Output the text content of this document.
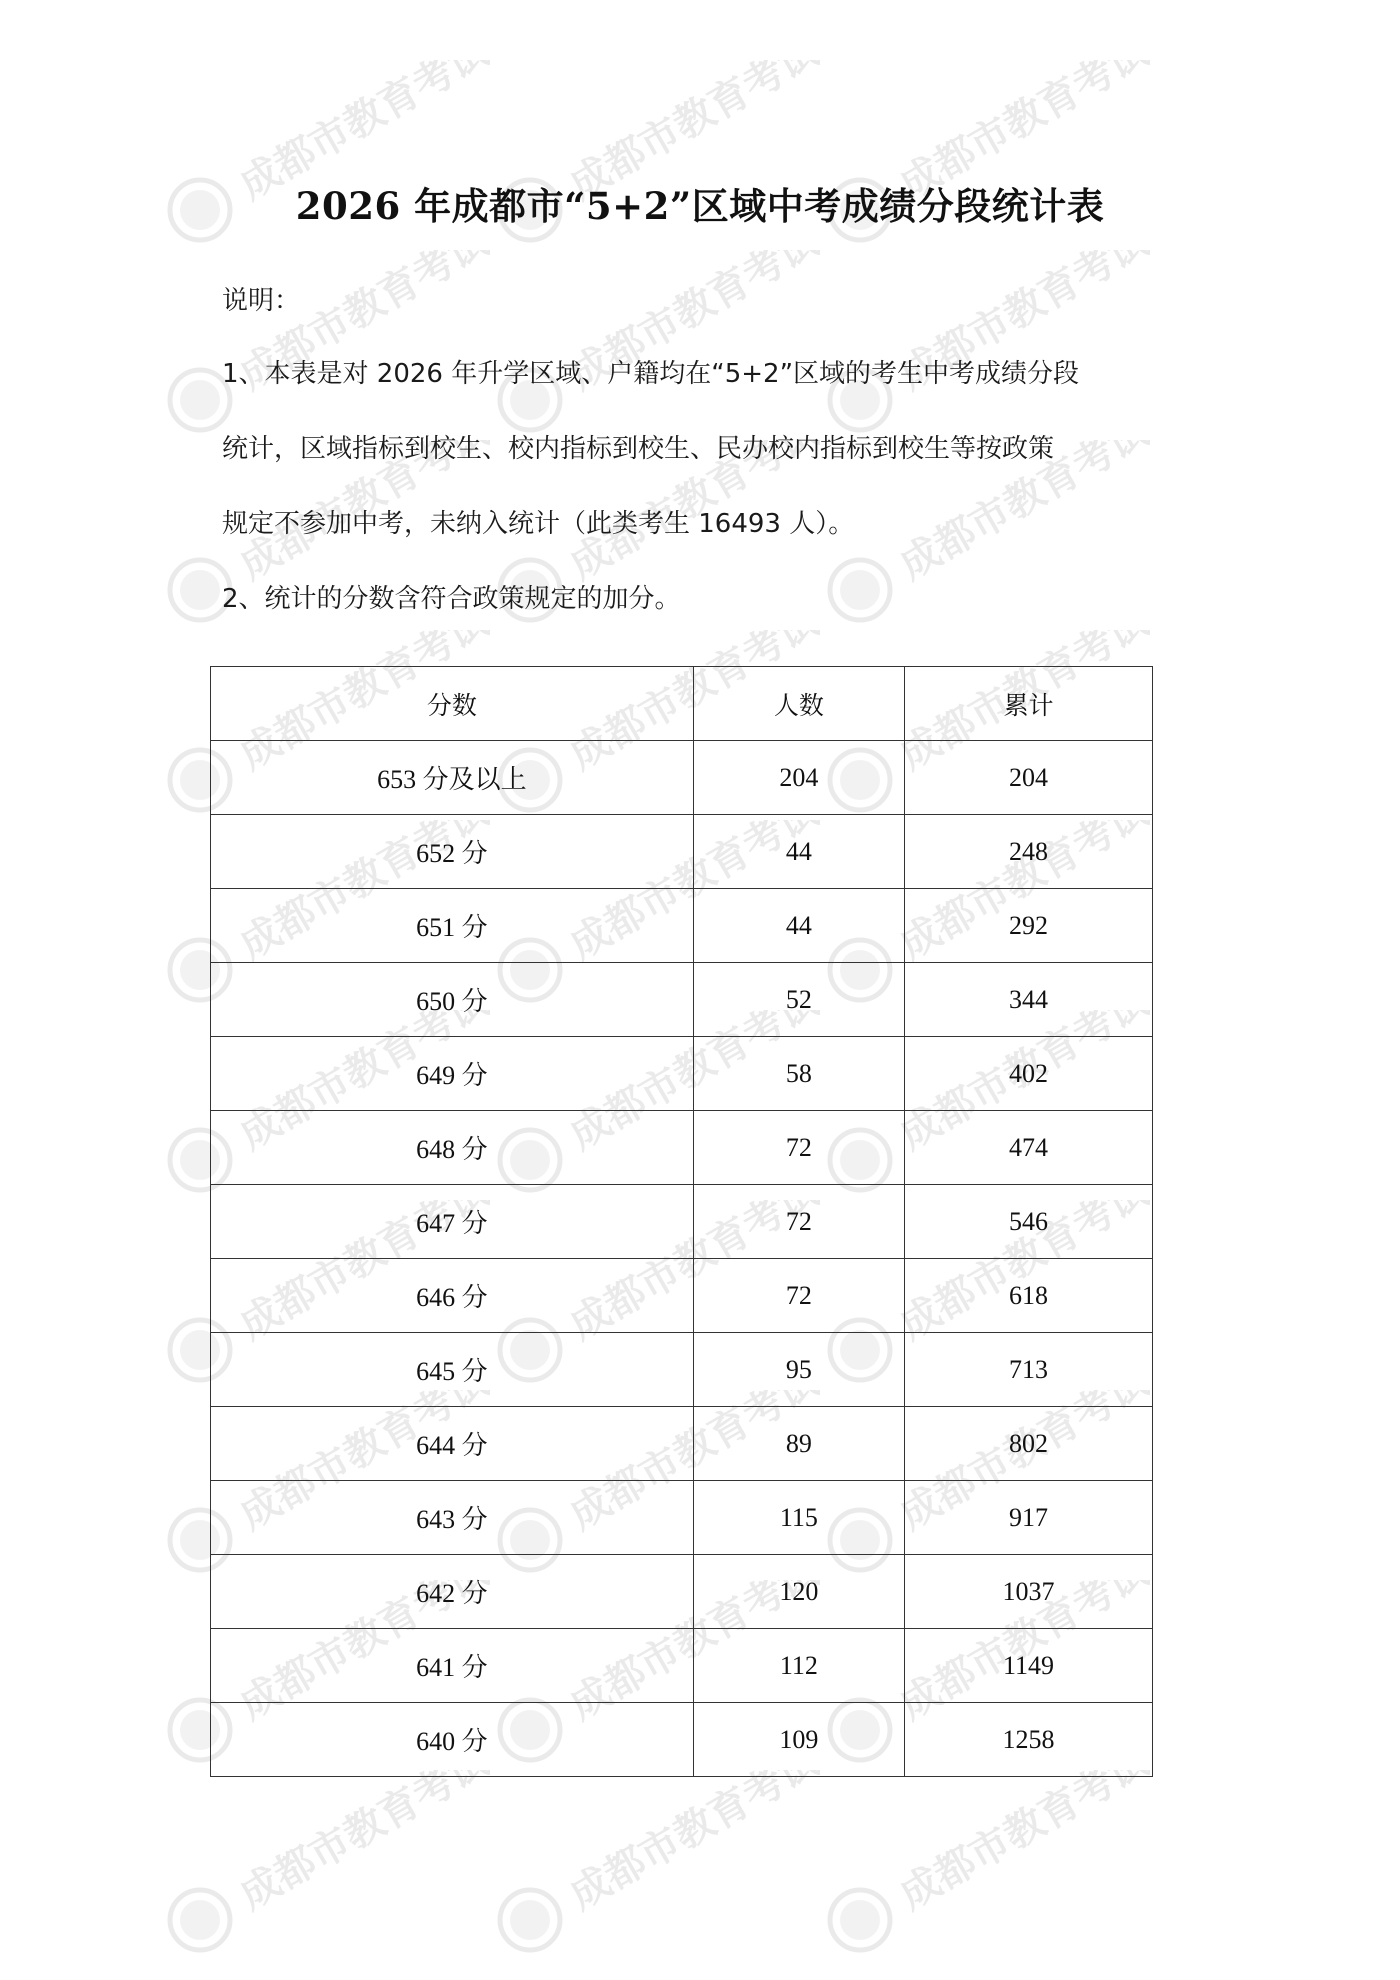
成都市教育考试院 成都市教育考试院 成都市教育考试院
成都市教育考试院 成都市教育考试院 成都市教育考试院
成都市教育考试院 成都市教育考试院 成都市教育考试院
成都市教育考试院 成都市教育考试院 成都市教育考试院
成都市教育考试院 成都市教育考试院 成都市教育考试院
成都市教育考试院 成都市教育考试院 成都市教育考试院
成都市教育考试院 成都市教育考试院 成都市教育考试院
成都市教育考试院 成都市教育考试院 成都市教育考试院
成都市教育考试院 成都市教育考试院 成都市教育考试院
成都市教育考试院 成都市教育考试院 成都市教育考试院
2026 年成都市“5+2”区域中考成绩分段统计表
说明：
1、本表是对 2026 年升学区域、户籍均在“5+2”区域的考生中考成绩分段
统计，区域指标到校生、校内指标到校生、民办校内指标到校生等按政策
规定不参加中考，未纳入统计（此类考生 16493 人）。
2、统计的分数含符合政策规定的加分。
分数	人数	累计
653 分及以上	204	204
652 分	44	248
651 分	44	292
650 分	52	344
649 分	58	402
648 分	72	474
647 分	72	546
646 分	72	618
645 分	95	713
644 分	89	802
643 分	115	917
642 分	120	1037
641 分	112	1149
640 分	109	1258
